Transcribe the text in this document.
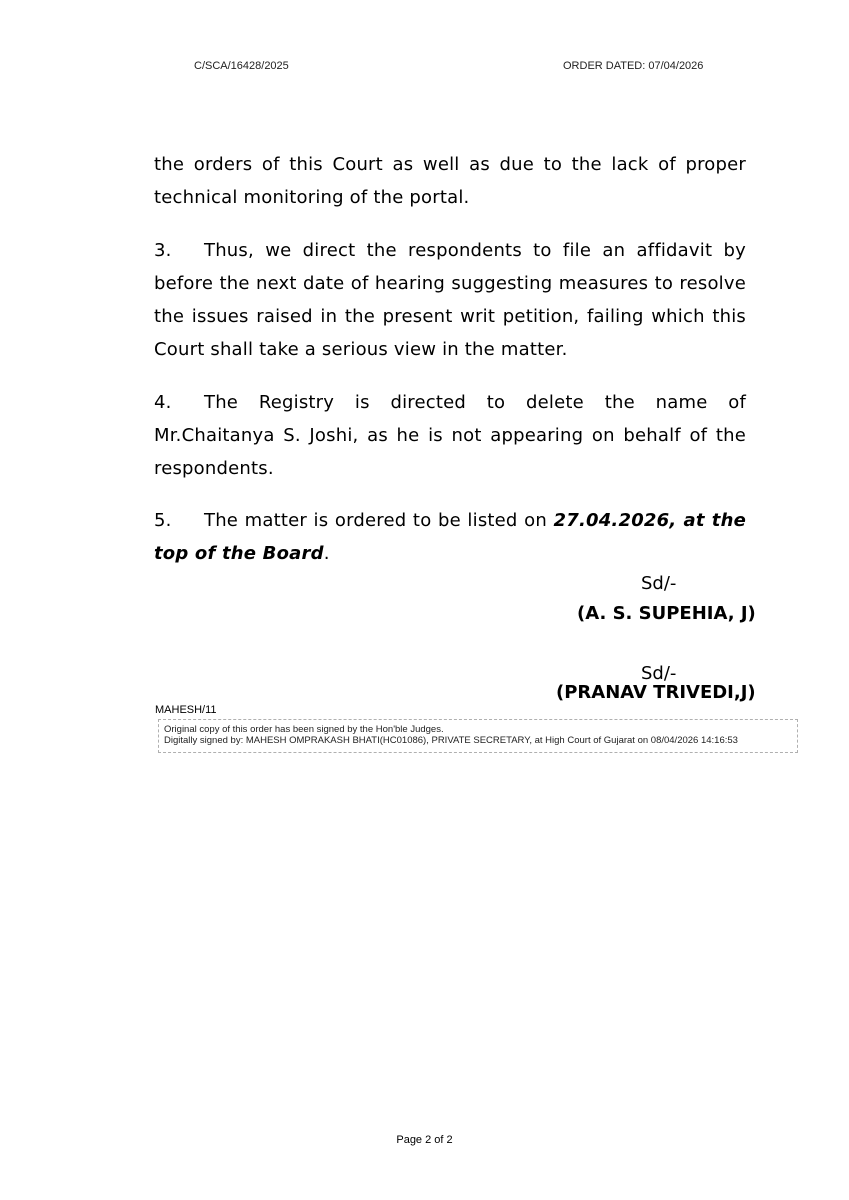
C/SCA/16428/2025	ORDER DATED: 07/04/2026

the orders of this Court as well as due to the lack of proper technical monitoring of the portal.

3. Thus, we direct the respondents to file an affidavit by before the next date of hearing suggesting measures to resolve the issues raised in the present writ petition, failing which this Court shall take a serious view in the matter.

4. The Registry is directed to delete the name of Mr.Chaitanya S. Joshi, as he is not appearing on behalf of the respondents.

5. The matter is ordered to be listed on 27.04.2026, at the top of the Board.

Sd/-
(A. S. SUPEHIA, J)
Sd/-
(PRANAV TRIVEDI,J)
MAHESH/11
Original copy of this order has been signed by the Hon'ble Judges.
Digitally signed by: MAHESH OMPRAKASH BHATI(HC01086), PRIVATE SECRETARY, at High Court of Gujarat on 08/04/2026 14:16:53
Page 2 of 2
